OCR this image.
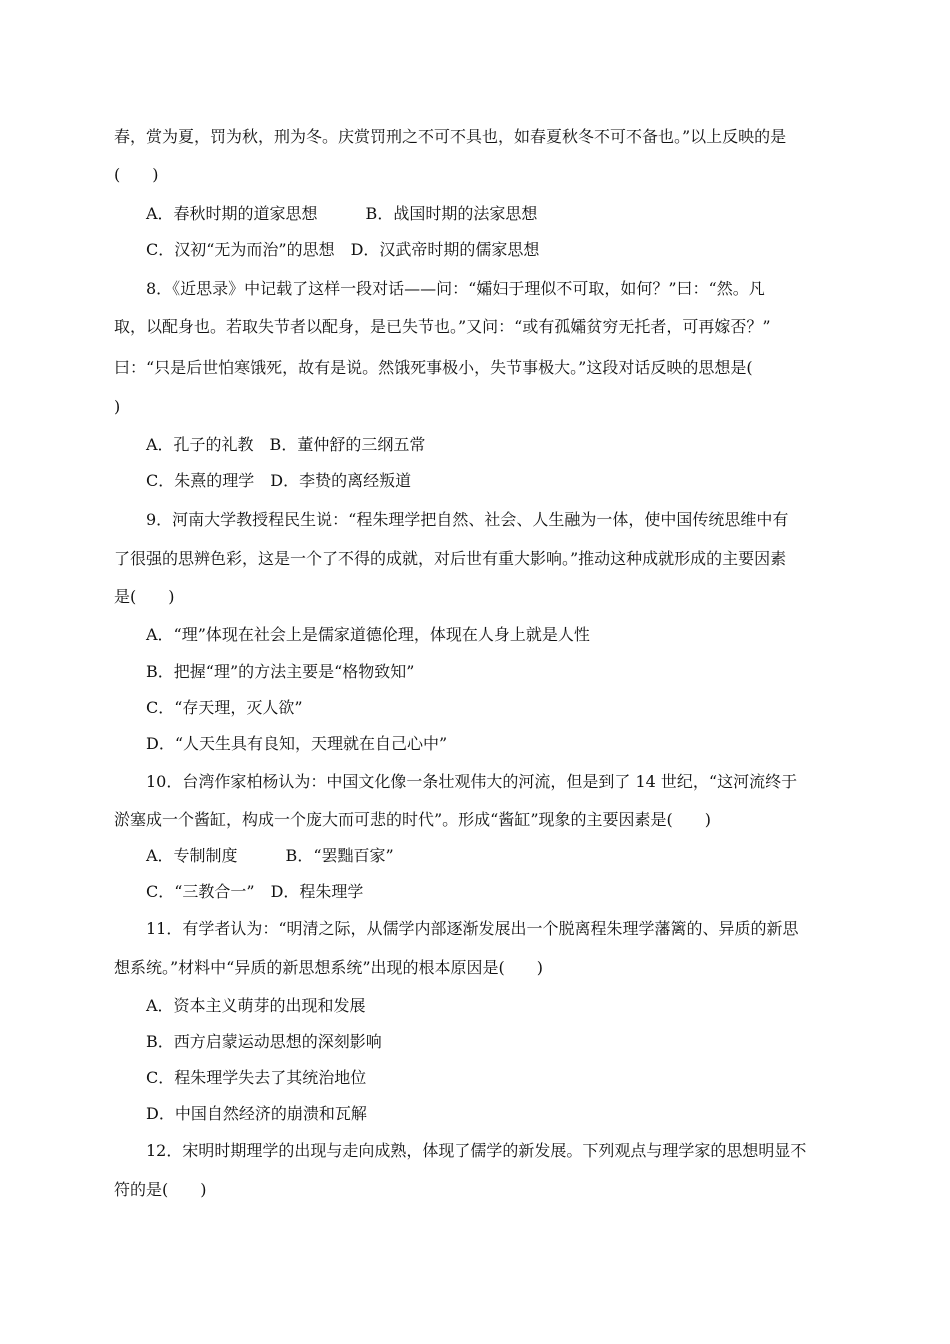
春，赏为夏，罚为秋，刑为冬。庆赏罚刑之不可不具也，如春夏秋冬不可不备也。”以上反映的是
(　　)
A．春秋时期的道家思想　　　B．战国时期的法家思想
C．汉初“无为而治”的思想　D．汉武帝时期的儒家思想
8．《近思录》中记载了这样一段对话——问：“孀妇于理似不可取，如何？”曰：“然。凡
取，以配身也。若取失节者以配身，是已失节也。”又问：“或有孤孀贫穷无托者，可再嫁否？”
曰：“只是后世怕寒饿死，故有是说。然饿死事极小，失节事极大。”这段对话反映的思想是(
)
A．孔子的礼教　B．董仲舒的三纲五常
C．朱熹的理学　D．李贽的离经叛道
9．河南大学教授程民生说：“程朱理学把自然、社会、人生融为一体，使中国传统思维中有
了很强的思辨色彩，这是一个了不得的成就，对后世有重大影响。”推动这种成就形成的主要因素
是(　　)
A．“理”体现在社会上是儒家道德伦理，体现在人身上就是人性
B．把握“理”的方法主要是“格物致知”
C．“存天理，灭人欲”
D．“人天生具有良知，天理就在自己心中”
10．台湾作家柏杨认为：中国文化像一条壮观伟大的河流，但是到了 14 世纪，“这河流终于
淤塞成一个酱缸，构成一个庞大而可悲的时代”。形成“酱缸”现象的主要因素是(　　)
A．专制制度　　　B．“罢黜百家”
C．“三教合一”　D．程朱理学
11．有学者认为：“明清之际，从儒学内部逐渐发展出一个脱离程朱理学藩篱的、异质的新思
想系统。”材料中“异质的新思想系统”出现的根本原因是(　　)
A．资本主义萌芽的出现和发展
B．西方启蒙运动思想的深刻影响
C．程朱理学失去了其统治地位
D．中国自然经济的崩溃和瓦解
12．宋明时期理学的出现与走向成熟，体现了儒学的新发展。下列观点与理学家的思想明显不
符的是(　　)
